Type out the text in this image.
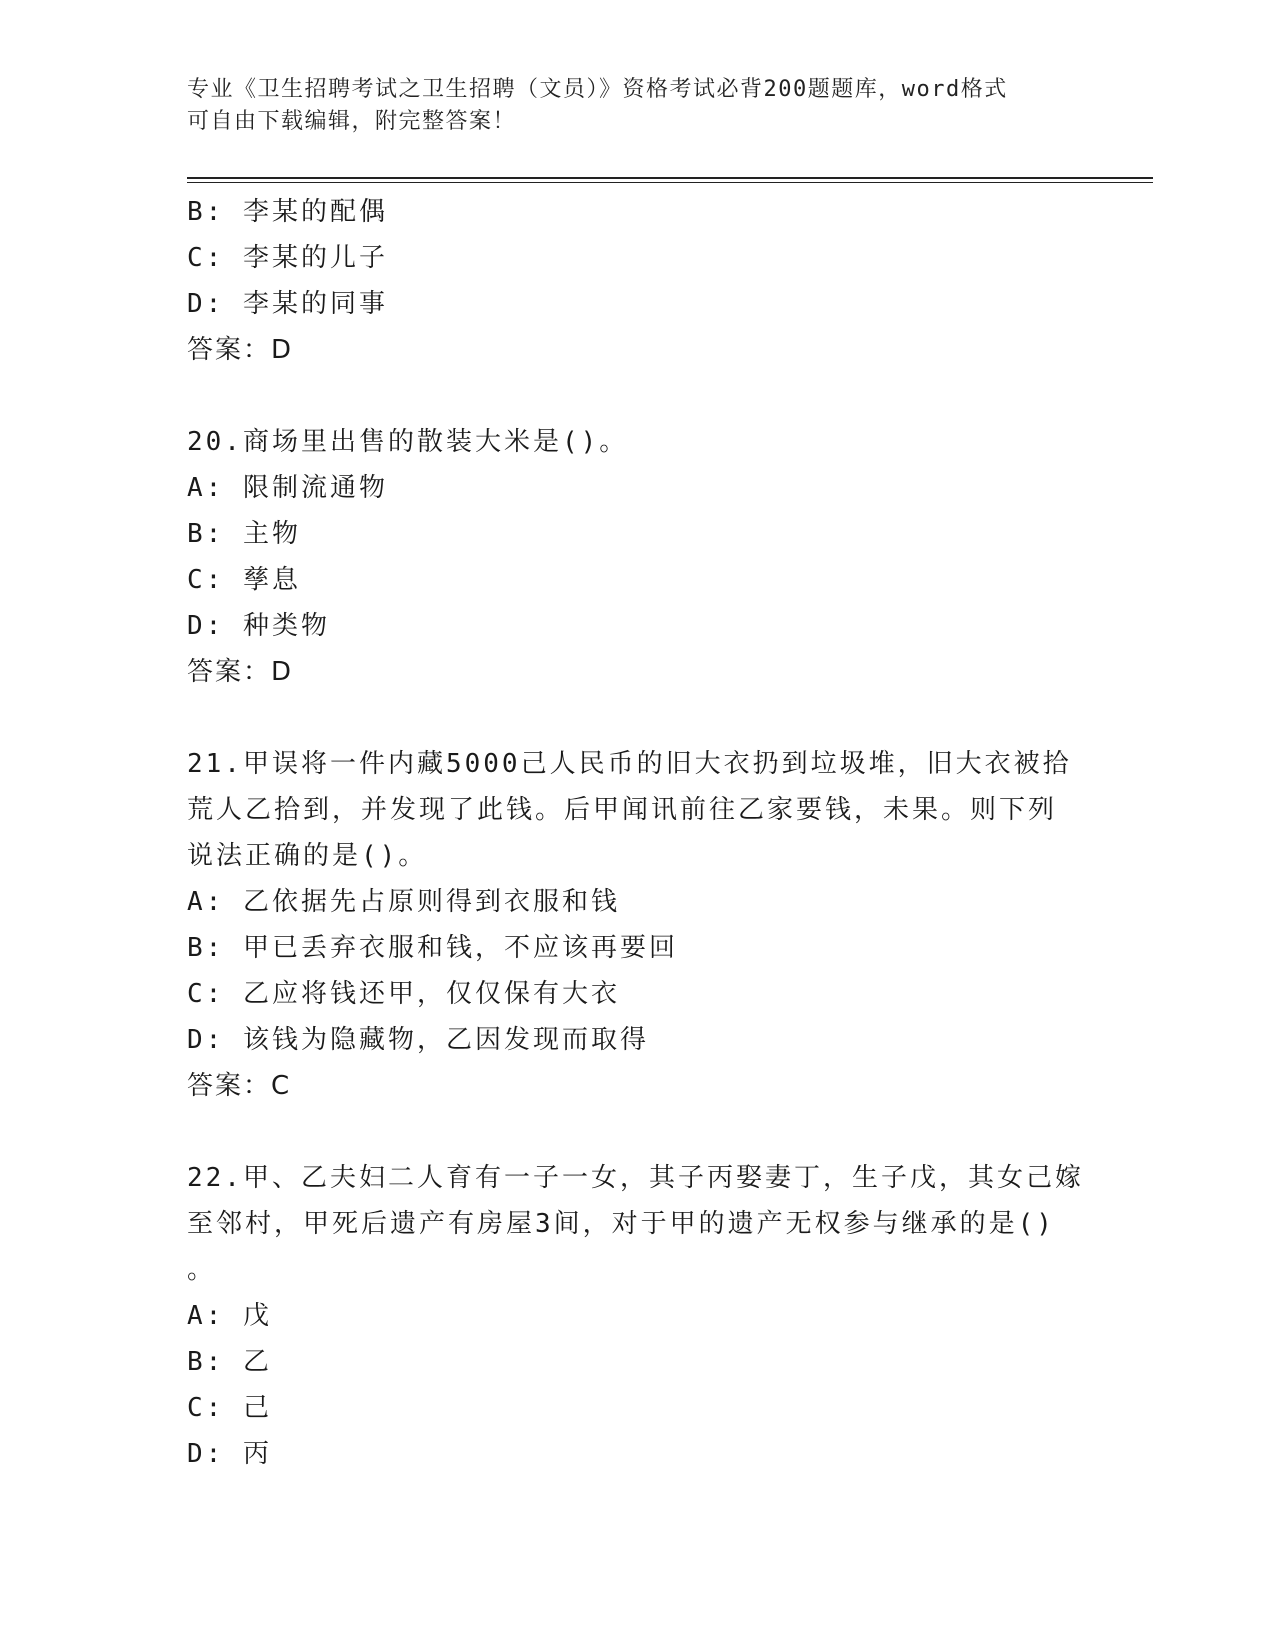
专业《卫生招聘考试之卫生招聘（文员）》资格考试必背200题题库，word格式
可自由下载编辑，附完整答案！
B: 李某的配偶
C: 李某的儿子
D: 李某的同事
答案：D
20.商场里出售的散装大米是()。
A: 限制流通物
B: 主物
C: 孳息
D: 种类物
答案：D
21.甲误将一件内藏5000己人民币的旧大衣扔到垃圾堆，旧大衣被拾
荒人乙拾到，并发现了此钱。后甲闻讯前往乙家要钱，未果。则下列
说法正确的是()。
A: 乙依据先占原则得到衣服和钱
B: 甲已丢弃衣服和钱，不应该再要回
C: 乙应将钱还甲，仅仅保有大衣
D: 该钱为隐藏物，乙因发现而取得
答案：C
22.甲、乙夫妇二人育有一子一女，其子丙娶妻丁，生子戊，其女己嫁
至邻村，甲死后遗产有房屋3间，对于甲的遗产无权参与继承的是()
。
A: 戊
B: 乙
C: 己
D: 丙
